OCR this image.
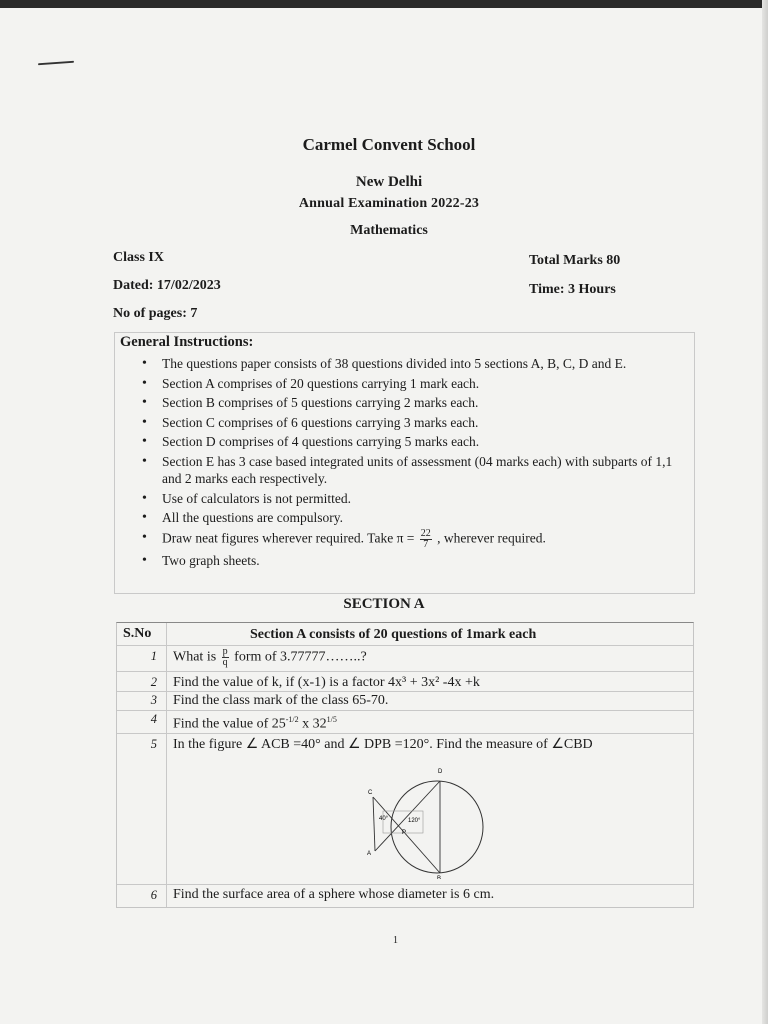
Carmel Convent School
New Delhi
Annual Examination 2022-23
Mathematics
Class IX
Dated: 17/02/2023
No of pages: 7
Total Marks 80
Time: 3 Hours
General Instructions:
• The questions paper consists of 38 questions divided into 5 sections A, B, C, D and E.
• Section A comprises of 20 questions carrying 1 mark each.
• Section B comprises of 5 questions carrying 2 marks each.
• Section C comprises of 6 questions carrying 3 marks each.
• Section D comprises of 4 questions carrying 5 marks each.
• Section E has 3 case based integrated units of assessment (04 marks each) with subparts of 1,1 and 2 marks each respectively.
• Use of calculators is not permitted.
• All the questions are compulsory.
• Draw neat figures wherever required. Take $\pi = \frac{22}{7}$ , wherever required.
• Two graph sheets.
SECTION A
S.No	Section A consists of 20 questions of 1mark each
1 What is $\frac{p}{q}$ form of 3.77777……..?
2 Find the value of k, if (x-1) is a factor 4x³ + 3x² -4x +k
3 Find the class mark of the class 65-70.
4 Find the value of $25^{-1/2}$ x $32^{1/5}$
5 In the figure ∠ ACB =40° and ∠ DPB =120°. Find the measure of ∠CBD
D
C
A
B
P
40°	120°
6 Find the surface area of a sphere whose diameter is 6 cm.
1
